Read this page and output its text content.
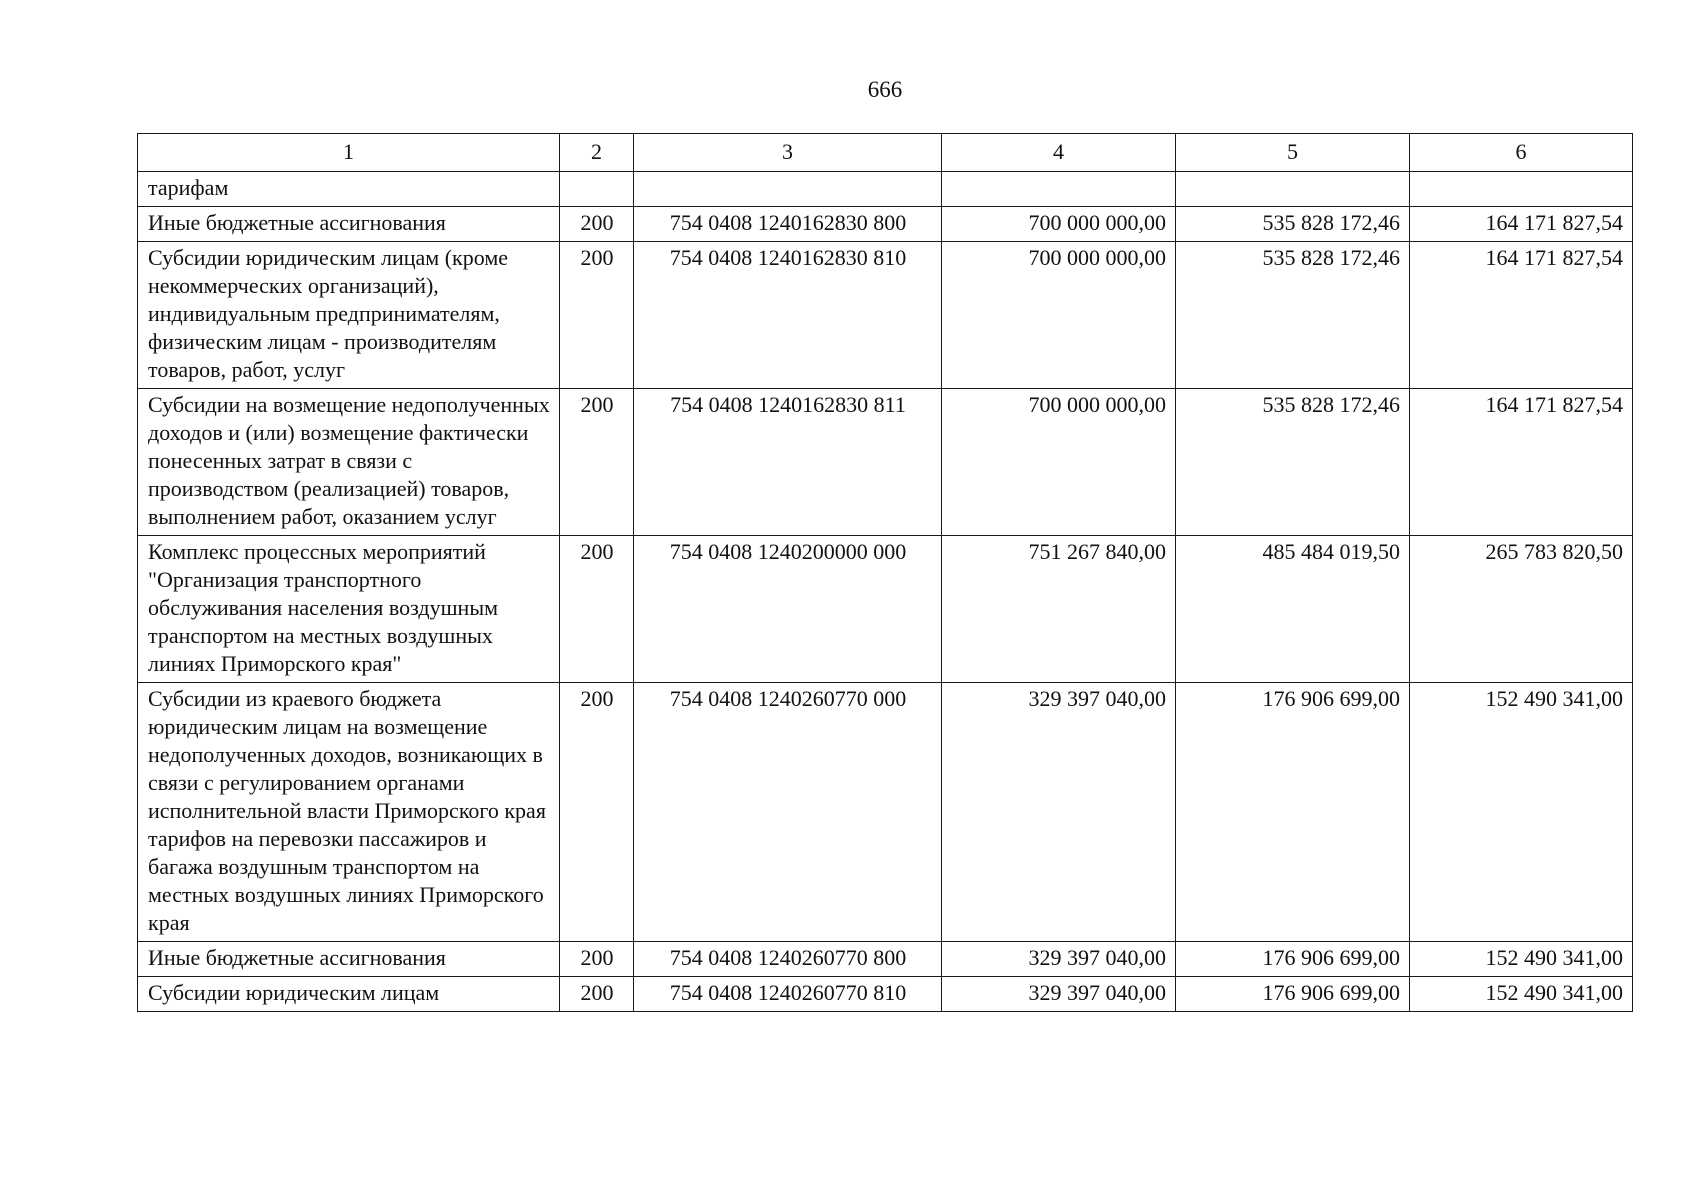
666
1	2	3	4	5	6
тарифам					
Иные бюджетные ассигнования	200	754 0408 1240162830 800	700 000 000,00	535 828 172,46	164 171 827,54
Субсидии юридическим лицам (кроме некоммерческих организаций), индивидуальным предпринимателям, физическим лицам - производителям товаров, работ, услуг	200	754 0408 1240162830 810	700 000 000,00	535 828 172,46	164 171 827,54
Субсидии на возмещение недополученных доходов и (или) возмещение фактически понесенных затрат в связи с производством (реализацией) товаров, выполнением работ, оказанием услуг	200	754 0408 1240162830 811	700 000 000,00	535 828 172,46	164 171 827,54
Комплекс процессных мероприятий "Организация транспортного обслуживания населения воздушным транспортом на местных воздушных линиях Приморского края"	200	754 0408 1240200000 000	751 267 840,00	485 484 019,50	265 783 820,50
Субсидии из краевого бюджета юридическим лицам на возмещение недополученных доходов, возникающих в связи с регулированием органами исполнительной власти Приморского края тарифов на перевозки пассажиров и багажа воздушным транспортом на местных воздушных линиях Приморского края	200	754 0408 1240260770 000	329 397 040,00	176 906 699,00	152 490 341,00
Иные бюджетные ассигнования	200	754 0408 1240260770 800	329 397 040,00	176 906 699,00	152 490 341,00
Субсидии юридическим лицам	200	754 0408 1240260770 810	329 397 040,00	176 906 699,00	152 490 341,00
